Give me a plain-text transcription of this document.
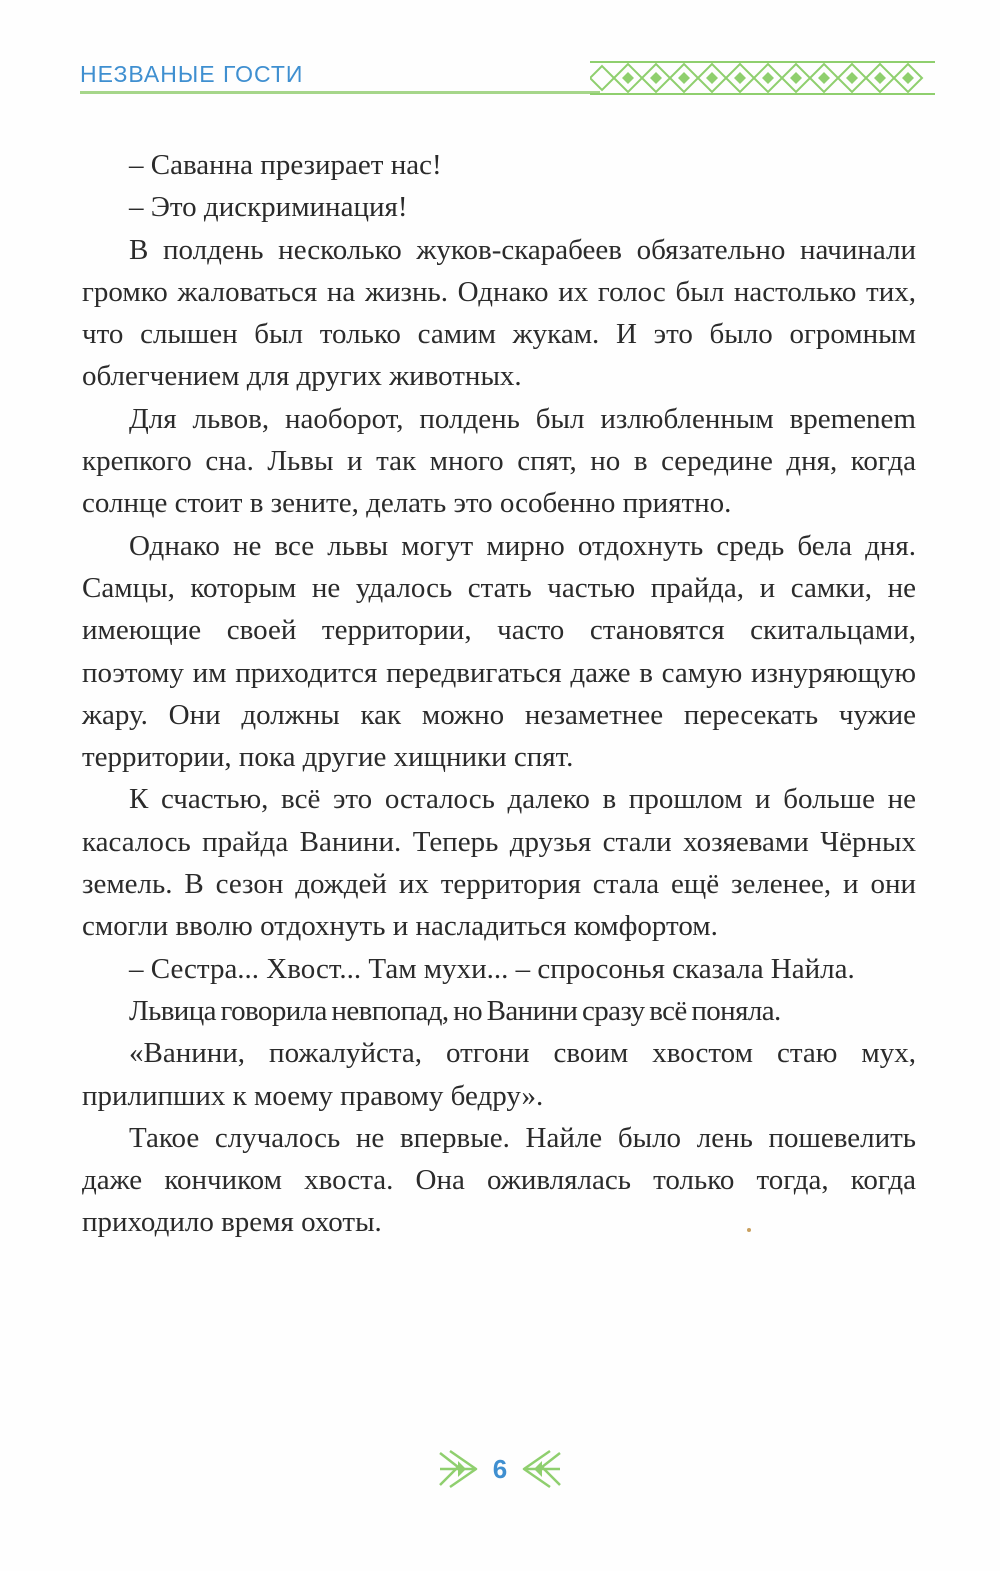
НЕЗВАНЫЕ ГОСТИ

– Саванна презирает нас!

– Это дискриминация!

В полдень несколько жуков-скарабеев обязательно начинали громко жаловаться на жизнь. Однако их голос был настолько тих, что слышен был только самим жукам. И это было огромным облегчением для других животных.

Для львов, наоборот, полдень был излюбленным вреmenem крепкого сна. Львы и так много спят, но в середине дня, когда солнце стоит в зените, делать это особенно приятно.

Однако не все львы могут мирно отдохнуть средь бела дня. Самцы, которым не удалось стать частью прайда, и самки, не имеющие своей территории, часто становятся скитальцами, поэтому им приходится передвигаться даже в самую изнуряющую жару. Они должны как можно незаметнее пересекать чужие территории, пока другие хищники спят.

К счастью, всё это осталось далеко в прошлом и больше не касалось прайда Ванини. Теперь друзья стали хозяевами Чёрных земель. В сезон дождей их территория стала ещё зеленее, и они смогли вволю отдохнуть и насладиться комфортом.

– Сестра... Хвост... Там мухи... – спросонья сказала Найла.

Львица говорила невпопад, но Ванини сразу всё поняла.

«Ванини, пожалуйста, отгони своим хвостом стаю мух, прилипших к моему правому бедру».

Такое случалось не впервые. Найле было лень пошевелить даже кончиком хвоста. Она оживлялась только тогда, когда приходило время охоты.

6
